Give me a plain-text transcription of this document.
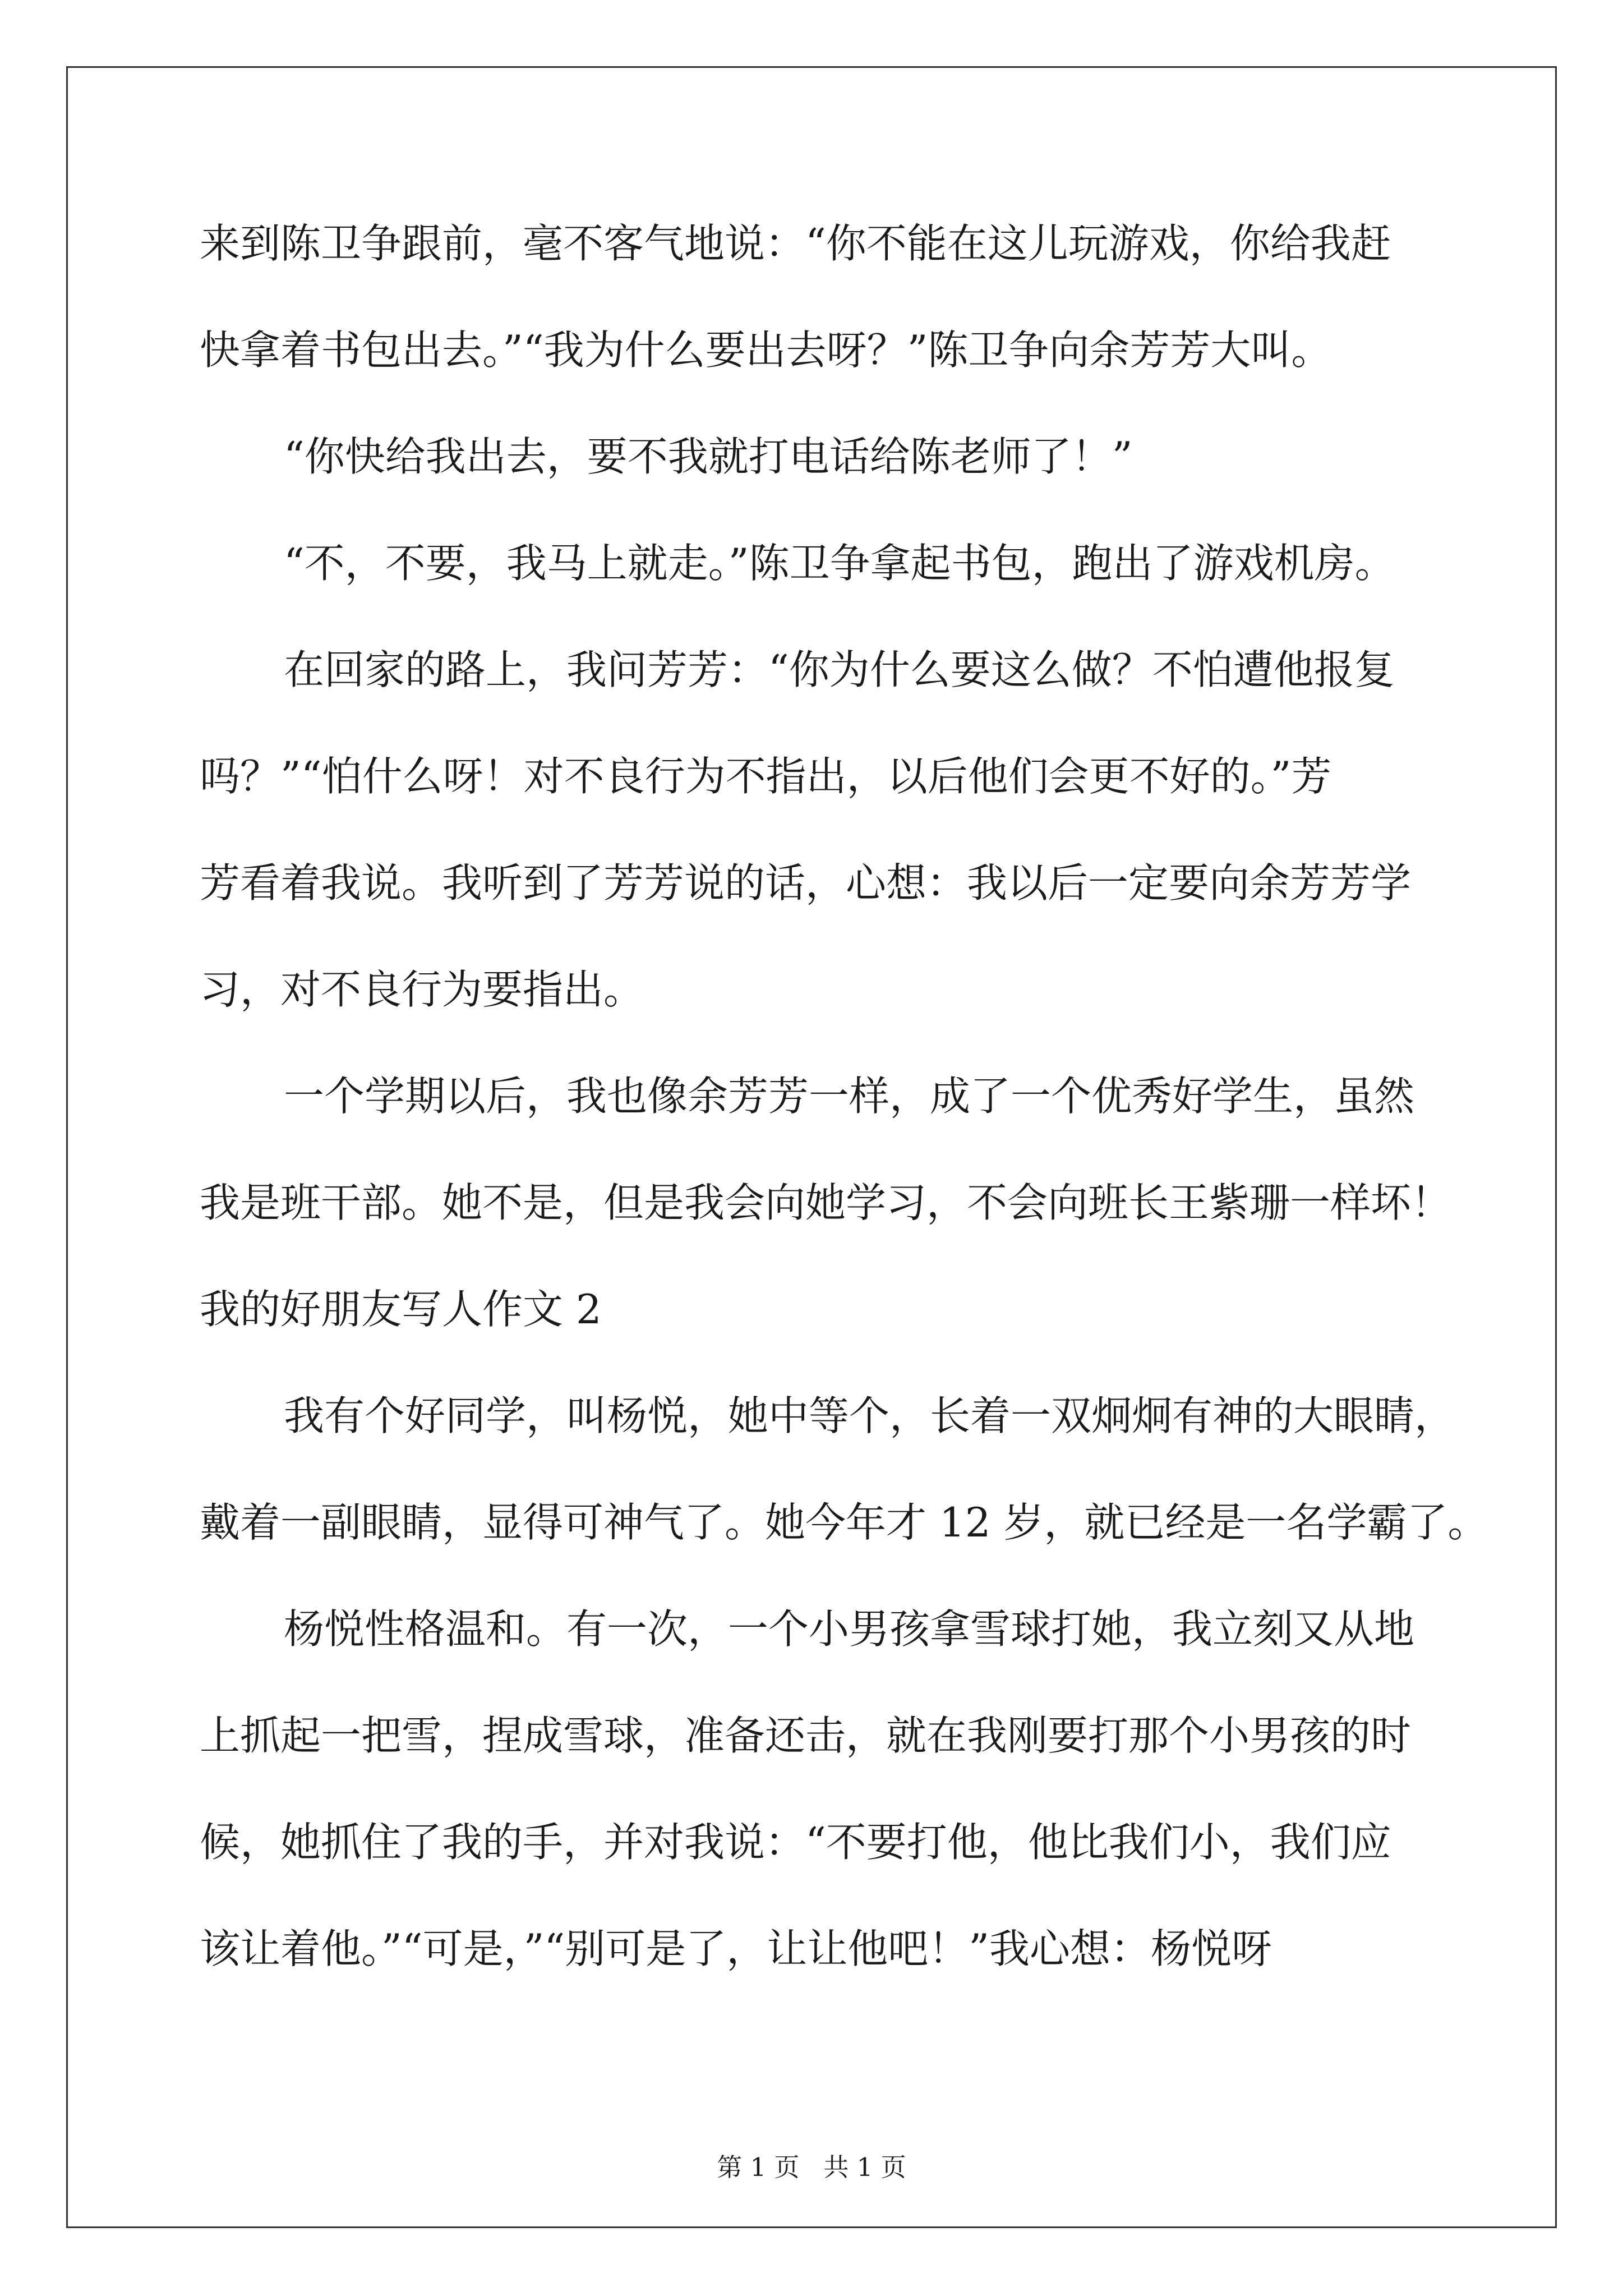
来到陈卫争跟前，毫不客气地说：“你不能在这儿玩游戏，你给我赶
快拿着书包出去。”“我为什么要出去呀？”陈卫争向余芳芳大叫。
“你快给我出去，要不我就打电话给陈老师了！”
“不，不要，我马上就走。”陈卫争拿起书包，跑出了游戏机房。
在回家的路上，我问芳芳：“你为什么要这么做？不怕遭他报复
吗？”“怕什么呀！对不良行为不指出，以后他们会更不好的。”芳
芳看着我说。我听到了芳芳说的话，心想：我以后一定要向余芳芳学
习，对不良行为要指出。
一个学期以后，我也像余芳芳一样，成了一个优秀好学生，虽然
我是班干部。她不是，但是我会向她学习，不会向班长王紫珊一样坏！
我的好朋友写人作文 2
我有个好同学，叫杨悦，她中等个，长着一双炯炯有神的大眼睛，
戴着一副眼睛，显得可神气了。她今年才 12 岁，就已经是一名学霸了。
杨悦性格温和。有一次，一个小男孩拿雪球打她，我立刻又从地
上抓起一把雪，捏成雪球，准备还击，就在我刚要打那个小男孩的时
候，她抓住了我的手，并对我说：“不要打他，他比我们小，我们应
该让着他。”“可是，”“别可是了，让让他吧！”我心想：杨悦呀
第 1 页   共 1 页
